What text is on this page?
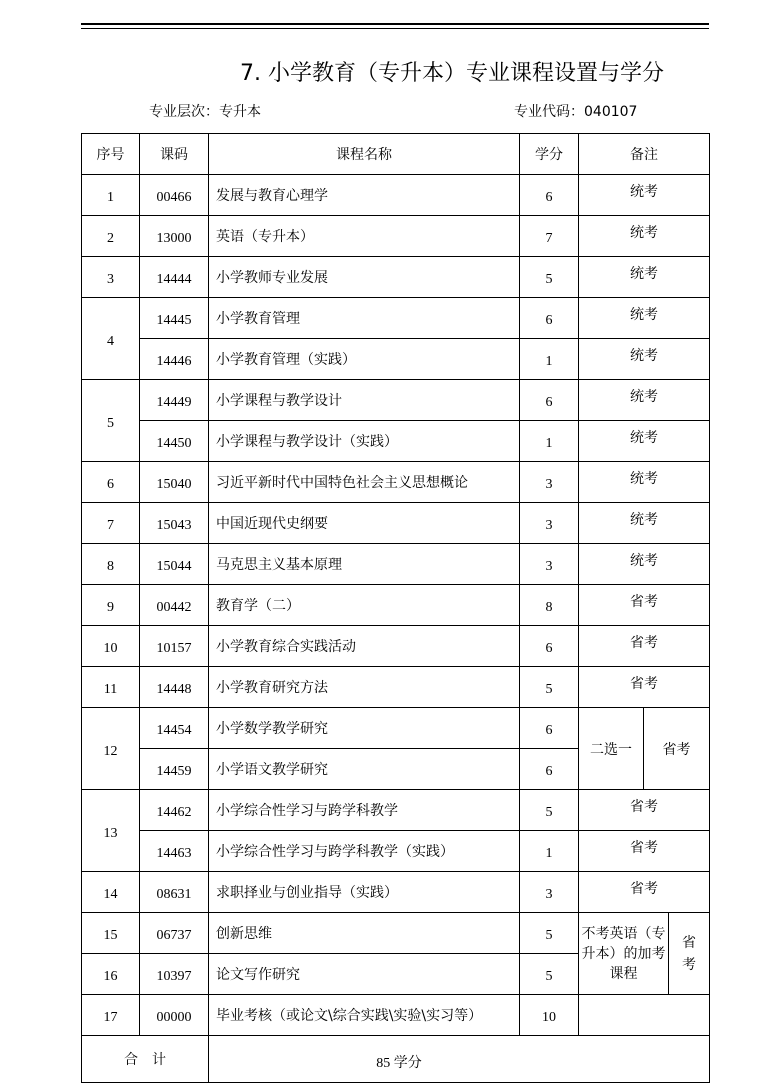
7. 小学教育（专升本）专业课程设置与学分
专业层次：专升本	专业代码：040107
序号	课码	课程名称	学分	备注		
1	00466	发展与教育心理学	6	统考		
2	13000	英语（专升本）	7	统考		
3	14444	小学教师专业发展	5	统考		
4	14445	小学教育管理	6	统考		
	14446	小学教育管理（实践）	1	统考		
5	14449	小学课程与教学设计	6	统考		
	14450	小学课程与教学设计（实践）	1	统考		
6	15040	习近平新时代中国特色社会主义思想概论	3	统考		
7	15043	中国近现代史纲要	3	统考		
8	15044	马克思主义基本原理	3	统考		
9	00442	教育学（二）	8	省考		
10	10157	小学教育综合实践活动	6	省考		
11	14448	小学教育研究方法	5	省考		
12	14454	小学数学教学研究	6	二选一	省考	
	14459	小学语文教学研究	6			
13	14462	小学综合性学习与跨学科教学	5	省考		
	14463	小学综合性学习与跨学科教学（实践）	1	省考		
14	08631	求职择业与创业指导（实践）	3	省考		
15	06737	创新思维	5	不考英语（专升本）的加考课程		省考

16	10397	论文写作研究	5			
17	00000	毕业考核（或论文\综合实践\实验\实习等）	10			
合　计		85 学分				
